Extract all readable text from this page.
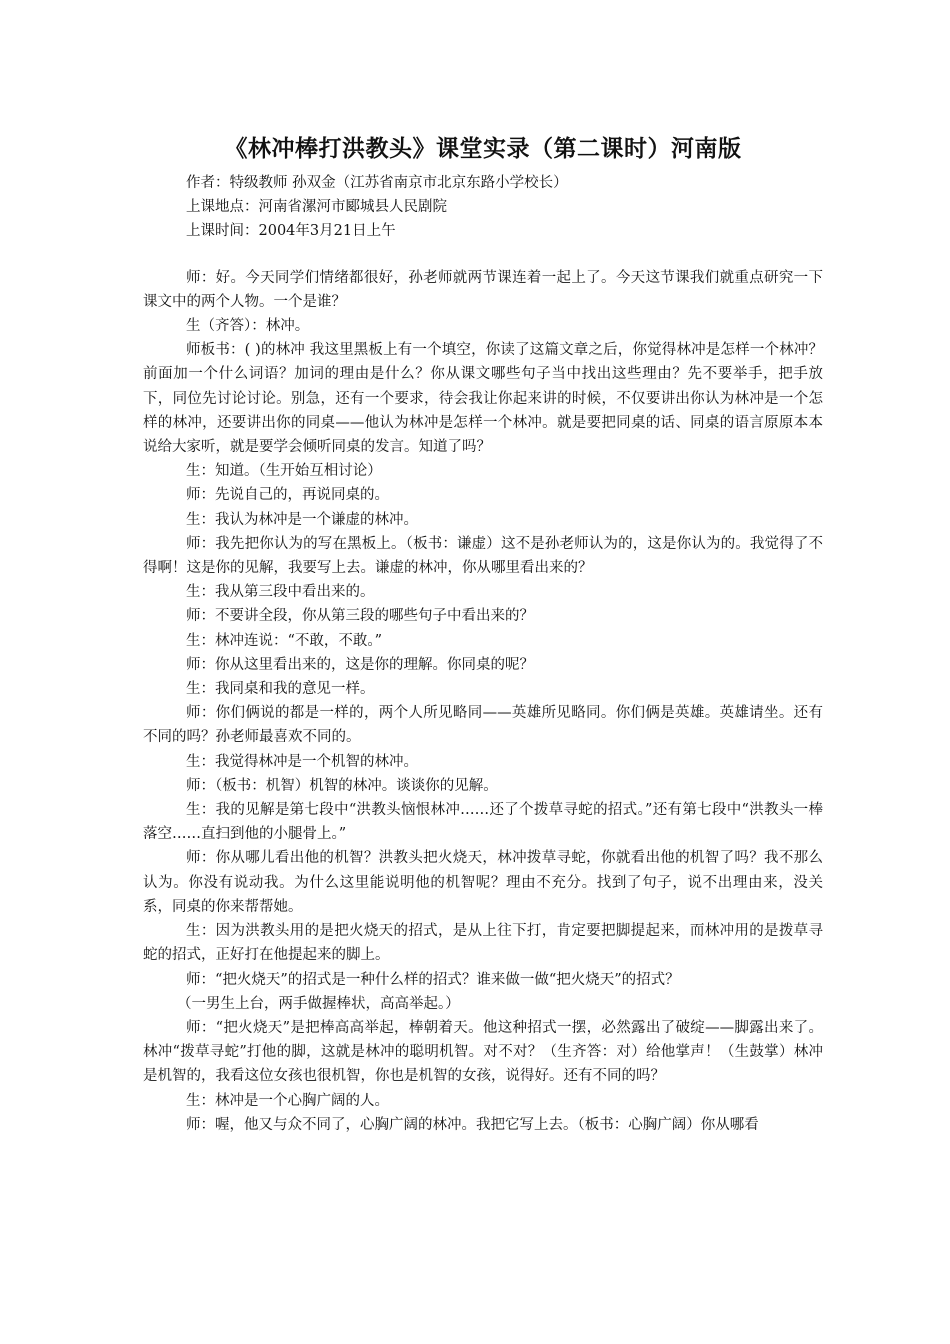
《林冲棒打洪教头》课堂实录（第二课时）河南版

作者：特级教师 孙双金（江苏省南京市北京东路小学校长）

上课地点：河南省漯河市郾城县人民剧院

上课时间：2004年3月21日上午

师：好。今天同学们情绪都很好，孙老师就两节课连着一起上了。今天这节课我们就重点研究一下课文中的两个人物。一个是谁？

生（齐答）：林冲。

师板书：( )的林冲 我这里黑板上有一个填空，你读了这篇文章之后，你觉得林冲是怎样一个林冲？前面加一个什么词语？加词的理由是什么？你从课文哪些句子当中找出这些理由？先不要举手，把手放下，同位先讨论讨论。别急，还有一个要求，待会我让你起来讲的时候，不仅要讲出你认为林冲是一个怎样的林冲，还要讲出你的同桌——他认为林冲是怎样一个林冲。就是要把同桌的话、同桌的语言原原本本说给大家听，就是要学会倾听同桌的发言。知道了吗？

生：知道。（生开始互相讨论）

师：先说自己的，再说同桌的。

生：我认为林冲是一个谦虚的林冲。

师：我先把你认为的写在黑板上。（板书：谦虚）这不是孙老师认为的，这是你认为的。我觉得了不得啊！这是你的见解，我要写上去。谦虚的林冲，你从哪里看出来的？

生：我从第三段中看出来的。

师：不要讲全段，你从第三段的哪些句子中看出来的？

生：林冲连说：“不敢，不敢。”

师：你从这里看出来的，这是你的理解。你同桌的呢？

生：我同桌和我的意见一样。

师：你们俩说的都是一样的，两个人所见略同——英雄所见略同。你们俩是英雄。英雄请坐。还有不同的吗？孙老师最喜欢不同的。

生：我觉得林冲是一个机智的林冲。

师：（板书：机智）机智的林冲。谈谈你的见解。

生：我的见解是第七段中“洪教头恼恨林冲……还了个拨草寻蛇的招式。”还有第七段中“洪教头一棒落空……直扫到他的小腿骨上。”

师：你从哪儿看出他的机智？洪教头把火烧天，林冲拨草寻蛇，你就看出他的机智了吗？我不那么认为。你没有说动我。为什么这里能说明他的机智呢？理由不充分。找到了句子，说不出理由来，没关系，同桌的你来帮帮她。

生：因为洪教头用的是把火烧天的招式，是从上往下打，肯定要把脚提起来，而林冲用的是拨草寻蛇的招式，正好打在他提起来的脚上。

师：“把火烧天”的招式是一种什么样的招式？谁来做一做“把火烧天”的招式？

（一男生上台，两手做握棒状，高高举起。）

师：“把火烧天”是把棒高高举起，棒朝着天。他这种招式一摆，必然露出了破绽——脚露出来了。林冲“拨草寻蛇”打他的脚，这就是林冲的聪明机智。对不对？（生齐答：对）给他掌声！（生鼓掌）林冲是机智的，我看这位女孩也很机智，你也是机智的女孩，说得好。还有不同的吗？

生：林冲是一个心胸广阔的人。

师：喔，他又与众不同了，心胸广阔的林冲。我把它写上去。（板书：心胸广阔）你从哪看
